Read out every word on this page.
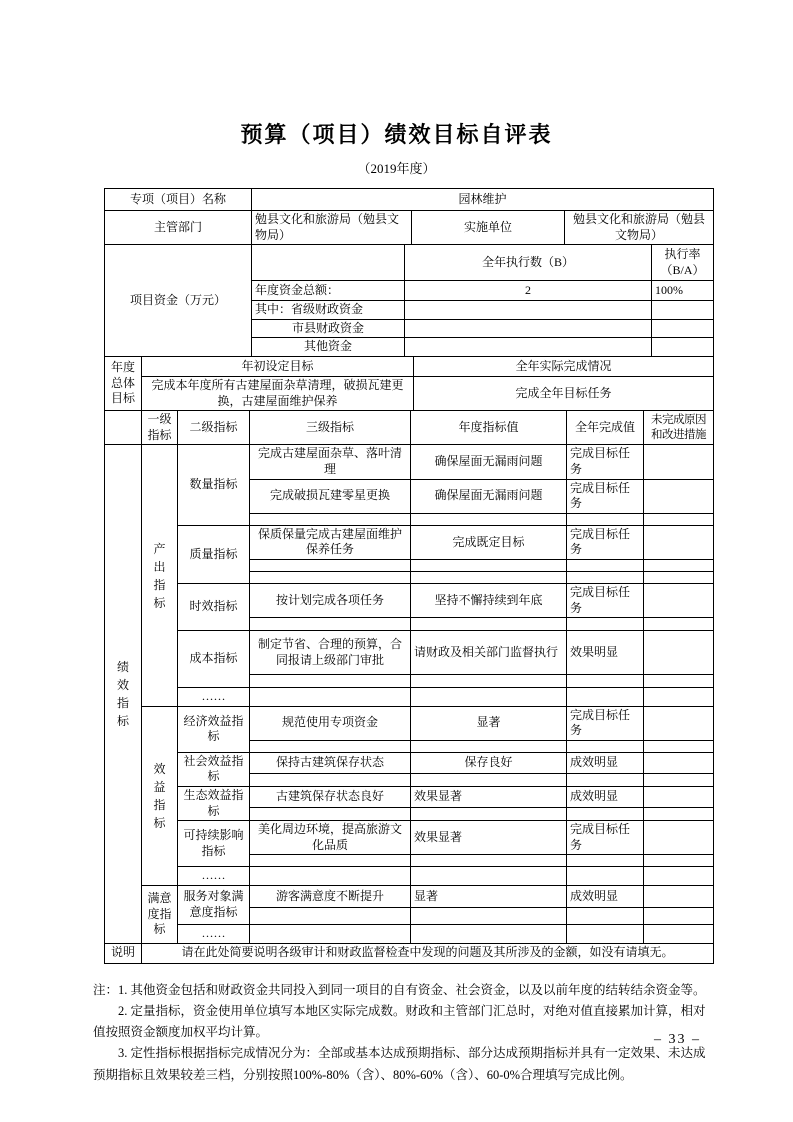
预算（项目）绩效目标自评表
（2019年度）
专项（项目）名称	园林维护		
主管部门	勉县文化和旅游局（勉县文物局）	实施单位	勉县文化和旅游局（勉县文物局）
项目资金（万元）		全年执行数（B）	执行率（B/A）
	年度资金总额：	2	100%
	其中：省级财政资金		
	市县财政资金		
	其他资金		
年度总体目标	年初设定目标	全年实际完成情况
	完成本年度所有古建屋面杂草清理，破损瓦建更换，古建屋面维护保养	完成全年目标任务
	一级指标	二级指标	三级指标	年度指标值	全年完成值	未完成原因和改进措施
绩效指标	产出指标	数量指标	完成古建屋面杂草、落叶清理	确保屋面无漏雨问题	完成目标任务	
			完成破损瓦建零星更换	确保屋面无漏雨问题	完成目标任务	

		质量指标	保质保量完成古建屋面维护保养任务	完成既定目标	完成目标任务	

		时效指标	按计划完成各项任务	坚持不懈持续到年底	完成目标任务	

		成本指标	制定节省、合理的预算，合同报请上级部门审批	请财政及相关部门监督执行	效果明显	

		……				
	效益指标	经济效益指标	规范使用专项资金	显著	完成目标任务	

		社会效益指标	保持古建筑保存状态	保存良好	成效明显	

		生态效益指标	古建筑保存状态良好	效果显著	成效明显	

		可持续影响指标	美化周边环境，提高旅游文化品质	效果显著	完成目标任务	

		……				
	满意度指标	服务对象满意度指标	游客满意度不断提升	显著	成效明显	

		……				
说明	请在此处简要说明各级审计和财政监督检查中发现的问题及其所涉及的金额，如没有请填无。					

注：1. 其他资金包括和财政资金共同投入到同一项目的自有资金、社会资金，以及以前年度的结转结余资金等。

2. 定量指标，资金使用单位填写本地区实际完成数。财政和主管部门汇总时，对绝对值直接累加计算，相对值按照资金额度加权平均计算。

3. 定性指标根据指标完成情况分为：全部或基本达成预期指标、部分达成预期指标并具有一定效果、未达成预期指标且效果较差三档，分别按照100%-80%（含）、80%-60%（含）、60-0%合理填写完成比例。

– 33 –
